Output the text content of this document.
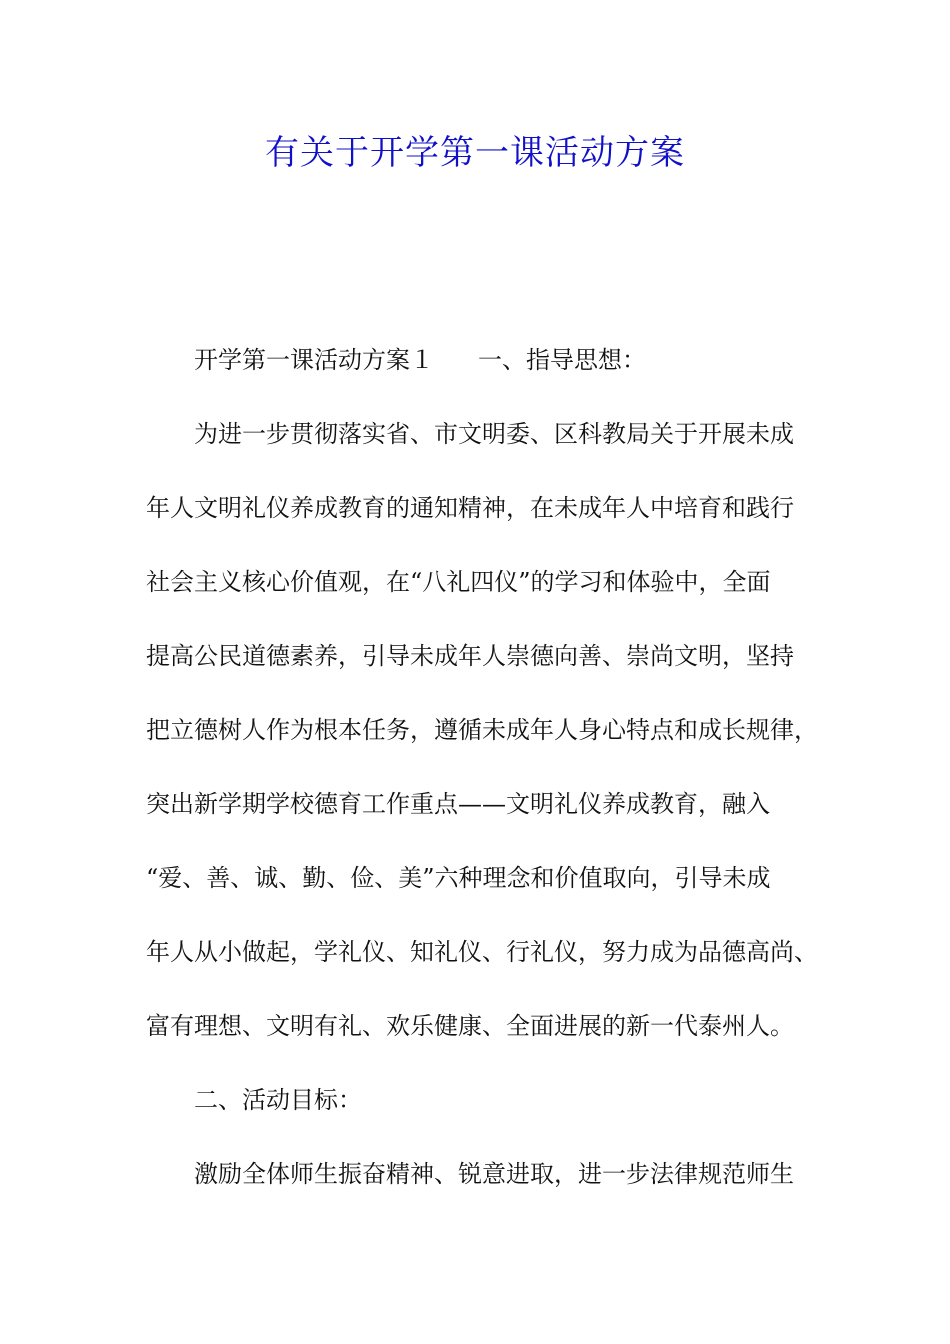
有关于开学第一课活动方案

开学第一课活动方案１ 一、指导思想：

为进一步贯彻落实省、市文明委、区科教局关于开展未成

年人文明礼仪养成教育的通知精神，在未成年人中培育和践行

社会主义核心价值观，在“八礼四仪”的学习和体验中，全面

提高公民道德素养，引导未成年人崇德向善、崇尚文明，坚持

把立德树人作为根本任务，遵循未成年人身心特点和成长规律，

突出新学期学校德育工作重点——文明礼仪养成教育，融入

“爱、善、诚、勤、俭、美”六种理念和价值取向，引导未成

年人从小做起，学礼仪、知礼仪、行礼仪，努力成为品德高尚、

富有理想、文明有礼、欢乐健康、全面进展的新一代泰州人。

二、活动目标：

激励全体师生振奋精神、锐意进取，进一步法律规范师生
